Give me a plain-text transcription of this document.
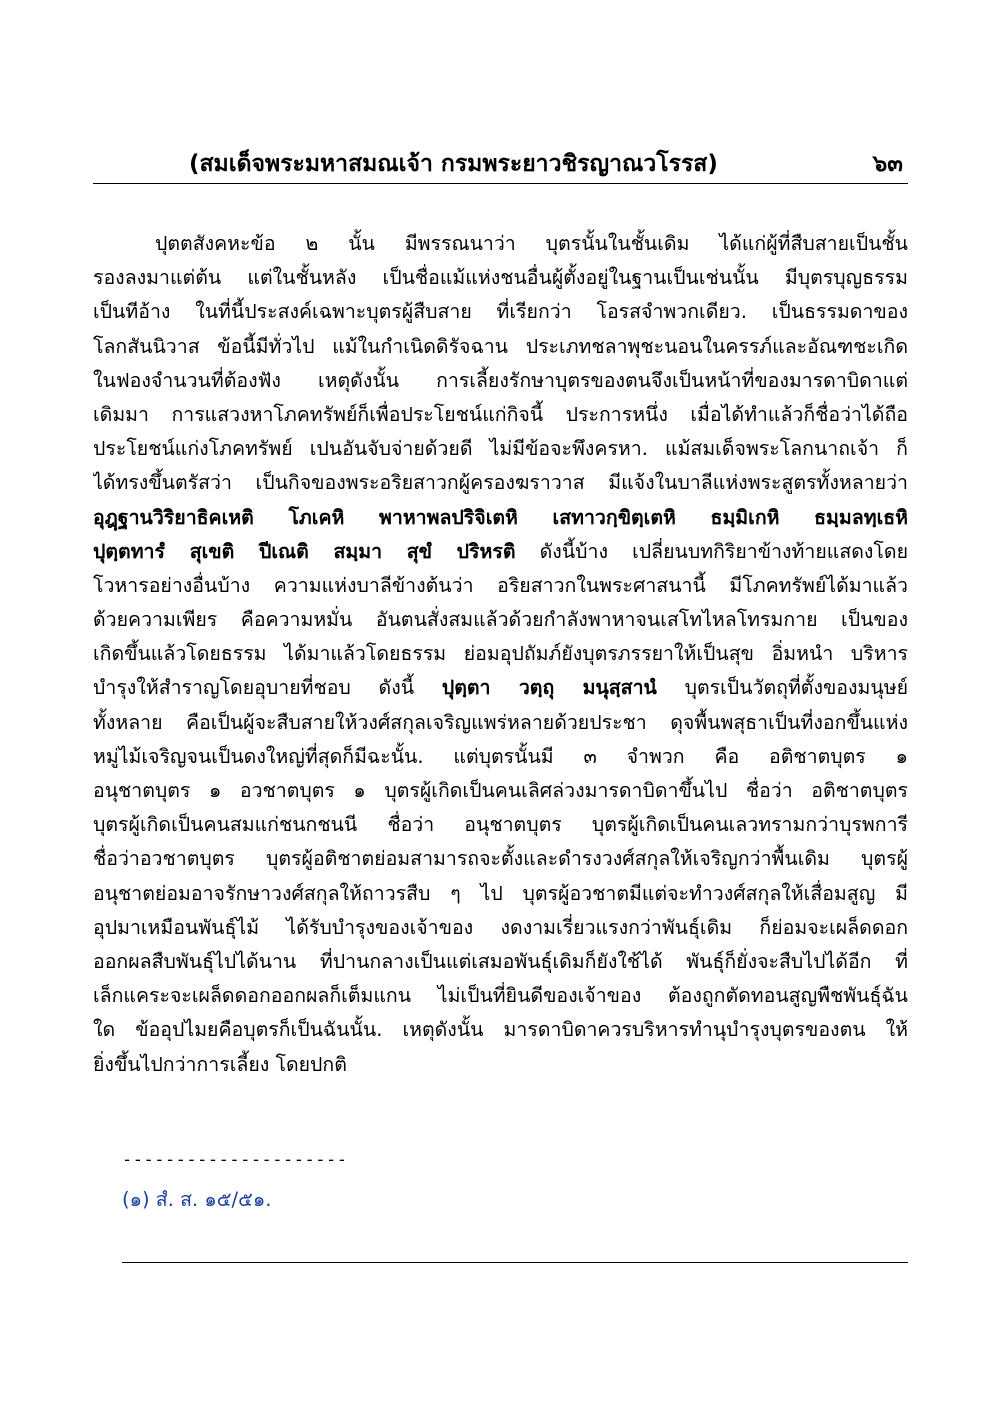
(สมเด็จพระมหาสมณเจ้า กรมพระยาวชิรญาณวโรรส)	๖๓
ปุตตสังคหะข้อ ๒ นั้น มีพรรณนาว่า บุตรนั้นในชั้นเดิม ได้แก่ผู้ที่สืบสายเป็นชั้น
รองลงมาแต่ต้น แต่ในชั้นหลัง เป็นชื่อแม้แห่งชนอื่นผู้ตั้งอยู่ในฐานเป็นเช่นนั้น มีบุตรบุญธรรม
เป็นทีอ้าง ในที่นี้ประสงค์เฉพาะบุตรผู้สืบสาย ที่เรียกว่า โอรสจำพวกเดียว. เป็นธรรมดาของ
โลกสันนิวาส ข้อนี้มีทั่วไป แม้ในกำเนิดดิรัจฉาน ประเภทชลาพุชะนอนในครรภ์และอัณฑชะเกิด
ในฟองจำนวนที่ต้องฟัง เหตุดังนั้น การเลี้ยงรักษาบุตรของตนจึงเป็นหน้าที่ของมารดาบิดาแต่
เดิมมา การแสวงหาโภคทรัพย์ก็เพื่อประโยชน์แก่กิจนี้ ประการหนึ่ง เมื่อได้ทำแล้วก็ชื่อว่าได้ถือ
ประโยชน์แก่งโภคทรัพย์ เปนอันจับจ่ายด้วยดี ไม่มีข้อจะพึงครหา. แม้สมเด็จพระโลกนาถเจ้า ก็
ได้ทรงขึ้นตรัสว่า เป็นกิจของพระอริยสาวกผู้ครองฆราวาส มีแจ้งในบาลีแห่งพระสูตรทั้งหลายว่า
อุฎฺฐานวิริยาธิคเหติ โภเคหิ พาหาพลปริจิเตหิ เสทาวกฺขิตฺเตหิ ธมฺมิเกหิ ธมฺมลทฺเธหิ
ปุตฺตทารํ สุเขติ ปีเณติ สมฺมา สุขํ ปริหรติ ดังนี้บ้าง เปลี่ยนบทกิริยาข้างท้ายแสดงโดย
โวหารอย่างอื่นบ้าง ความแห่งบาลีข้างต้นว่า อริยสาวกในพระศาสนานี้ มีโภคทรัพย์ได้มาแล้ว
ด้วยความเพียร คือความหมั่น อันตนสั่งสมแล้วด้วยกำลังพาหาจนเสโทไหลโทรมกาย เป็นของ
เกิดขึ้นแล้วโดยธรรม ได้มาแล้วโดยธรรม ย่อมอุปถัมภ์ยังบุตรภรรยาให้เป็นสุข อิ่มหนำ บริหาร
บำรุงให้สำราญโดยอุบายที่ชอบ ดังนี้ ปุตฺตา วตฺถุ มนุสฺสานํ บุตรเป็นวัตถุที่ตั้งของมนุษย์
ทั้งหลาย คือเป็นผู้จะสืบสายให้วงศ์สกุลเจริญแพร่หลายด้วยประชา ดุจพื้นพสุธาเป็นที่งอกขึ้นแห่ง
หมู่ไม้เจริญจนเป็นดงใหญ่ที่สุดก็มีฉะนั้น. แต่บุตรนั้นมี ๓ จำพวก คือ อติชาตบุตร ๑
อนุชาตบุตร ๑ อวชาตบุตร ๑ บุตรผู้เกิดเป็นคนเลิศล่วงมารดาบิดาขึ้นไป ชื่อว่า อติชาตบุตร
บุตรผู้เกิดเป็นคนสมแก่ชนกชนนี ชื่อว่า อนุชาตบุตร บุตรผู้เกิดเป็นคนเลวทรามกว่าบุรพการี
ชื่อว่าอวชาตบุตร บุตรผู้อติชาตย่อมสามารถจะตั้งและดำรงวงศ์สกุลให้เจริญกว่าพื้นเดิม บุตรผู้
อนุชาตย่อมอาจรักษาวงศ์สกุลให้ถาวรสืบ ๆ ไป บุตรผู้อวชาตมีแต่จะทำวงศ์สกุลให้เสื่อมสูญ มี
อุปมาเหมือนพันธุ์ไม้ ได้รับบำรุงของเจ้าของ งดงามเรี่ยวแรงกว่าพันธุ์เดิม ก็ย่อมจะเผล็ดดอก
ออกผลสืบพันธุ์ไปได้นาน ที่ปานกลางเป็นแต่เสมอพันธุ์เดิมก็ยังใช้ได้ พันธุ์ก็ยั่งจะสืบไปได้อีก ที่
เล็กแคระจะเผล็ดดอกออกผลก็เต็มแกน ไม่เป็นที่ยินดีของเจ้าของ ต้องถูกตัดทอนสูญพืชพันธุ์ฉัน
ใด ข้ออุปไมยคือบุตรก็เป็นฉันนั้น. เหตุดังนั้น มารดาบิดาควรบริหารทำนุบำรุงบุตรของตน ให้
ยิ่งขึ้นไปกว่าการเลี้ยง โดยปกติ
---------------------
(๑) สํ. ส. ๑๕/๕๑.
